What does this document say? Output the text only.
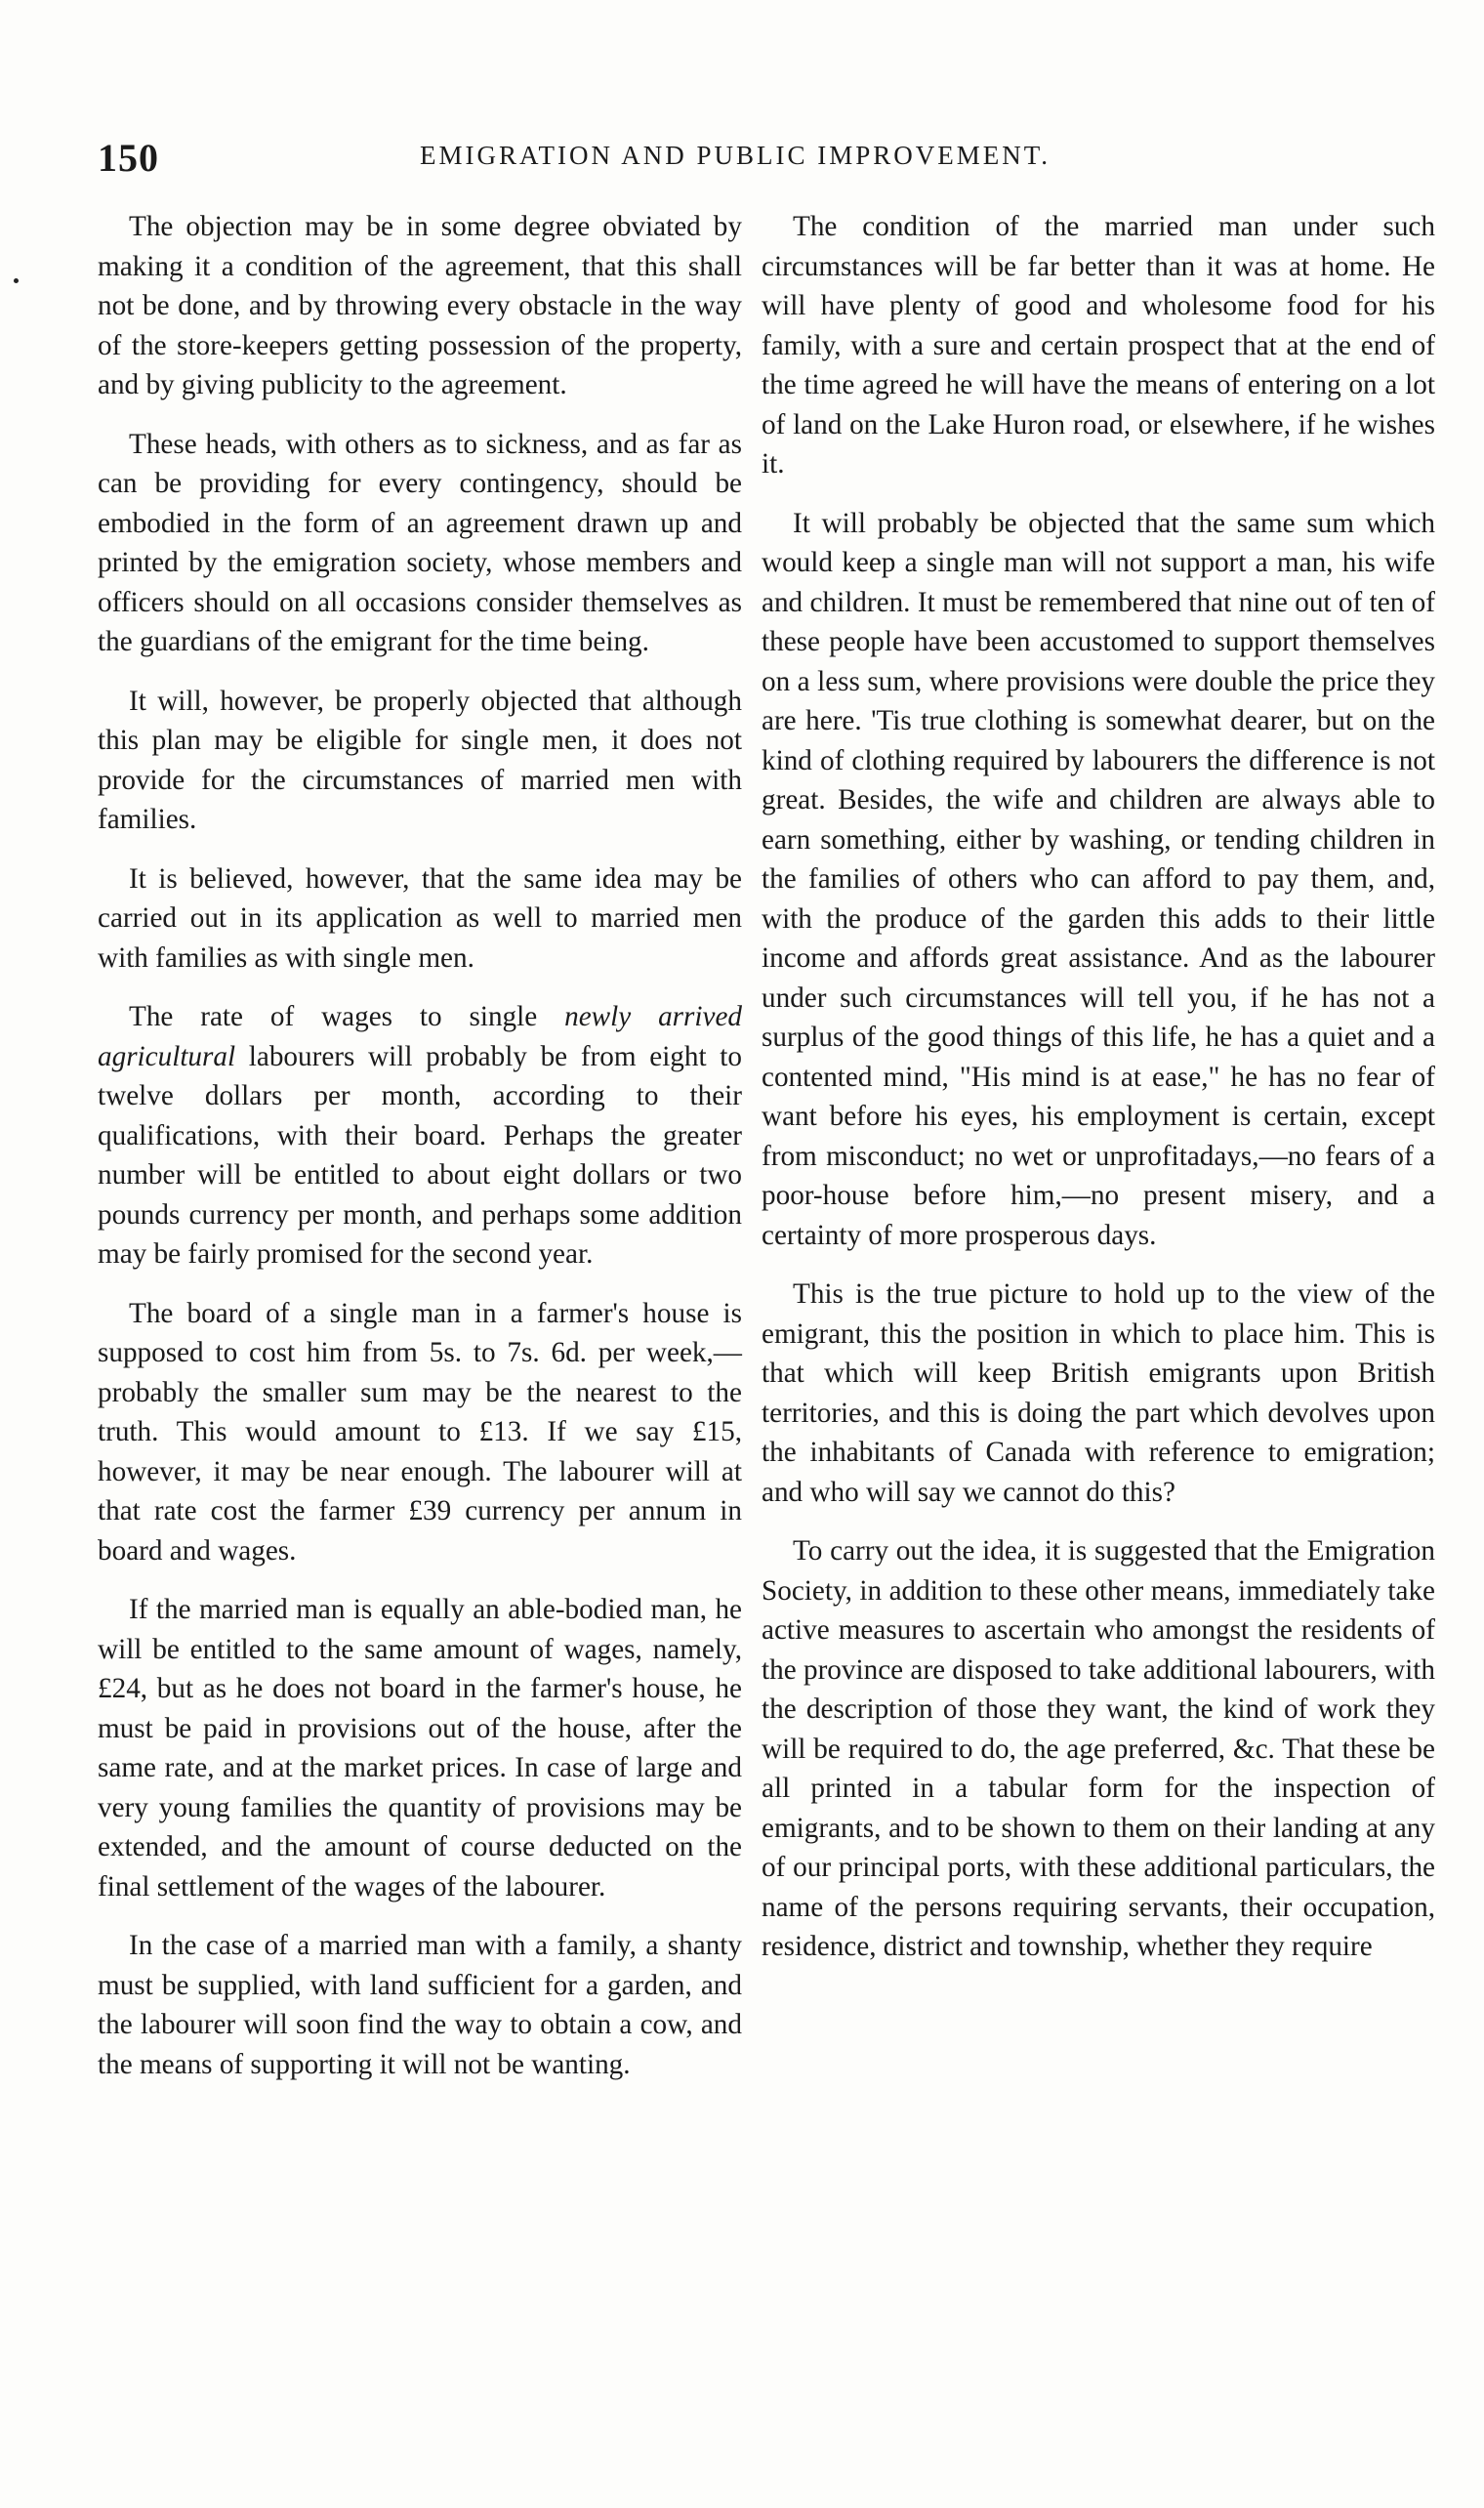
150	EMIGRATION AND PUBLIC IMPROVEMENT.

The objection may be in some degree obviated by making it a condition of the agreement, that this shall not be done, and by throwing every obstacle in the way of the store-keepers getting possession of the property, and by giving publicity to the agreement.

These heads, with others as to sickness, and as far as can be providing for every contingency, should be embodied in the form of an agreement drawn up and printed by the emigration society, whose members and officers should on all occasions consider themselves as the guardians of the emigrant for the time being.

It will, however, be properly objected that although this plan may be eligible for single men, it does not provide for the circumstances of married men with families.

It is believed, however, that the same idea may be carried out in its application as well to married men with families as with single men.

The rate of wages to single newly arrived agricultural labourers will probably be from eight to twelve dollars per month, according to their qualifications, with their board. Perhaps the greater number will be entitled to about eight dollars or two pounds currency per month, and perhaps some addition may be fairly promised for the second year.

The board of a single man in a farmer's house is supposed to cost him from 5s. to 7s. 6d. per week,—probably the smaller sum may be the nearest to the truth. This would amount to £13. If we say £15, however, it may be near enough. The labourer will at that rate cost the farmer £39 currency per annum in board and wages.

If the married man is equally an able-bodied man, he will be entitled to the same amount of wages, namely, £24, but as he does not board in the farmer's house, he must be paid in provisions out of the house, after the same rate, and at the market prices. In case of large and very young families the quantity of provisions may be extended, and the amount of course deducted on the final settlement of the wages of the labourer.

In the case of a married man with a family, a shanty must be supplied, with land sufficient for a garden, and the labourer will soon find the way to obtain a cow, and the means of supporting it will not be wanting.

The condition of the married man under such circumstances will be far better than it was at home. He will have plenty of good and wholesome food for his family, with a sure and certain prospect that at the end of the time agreed he will have the means of entering on a lot of land on the Lake Huron road, or elsewhere, if he wishes it.

It will probably be objected that the same sum which would keep a single man will not support a man, his wife and children. It must be remembered that nine out of ten of these people have been accustomed to support themselves on a less sum, where provisions were double the price they are here. 'Tis true clothing is somewhat dearer, but on the kind of clothing required by labourers the difference is not great. Besides, the wife and children are always able to earn something, either by washing, or tending children in the families of others who can afford to pay them, and, with the produce of the garden this adds to their little income and affords great assistance. And as the labourer under such circumstances will tell you, if he has not a surplus of the good things of this life, he has a quiet and a contented mind, "His mind is at ease," he has no fear of want before his eyes, his employment is certain, except from misconduct; no wet or unprofitadays,—no fears of a poor-house before him,—no present misery, and a certainty of more prosperous days.

This is the true picture to hold up to the view of the emigrant, this the position in which to place him. This is that which will keep British emigrants upon British territories, and this is doing the part which devolves upon the inhabitants of Canada with reference to emigration; and who will say we cannot do this?

To carry out the idea, it is suggested that the Emigration Society, in addition to these other means, immediately take active measures to ascertain who amongst the residents of the province are disposed to take additional labourers, with the description of those they want, the kind of work they will be required to do, the age preferred, &c. That these be all printed in a tabular form for the inspection of emigrants, and to be shown to them on their landing at any of our principal ports, with these additional particulars, the name of the persons requiring servants, their occupation, residence, district and township, whether they require
